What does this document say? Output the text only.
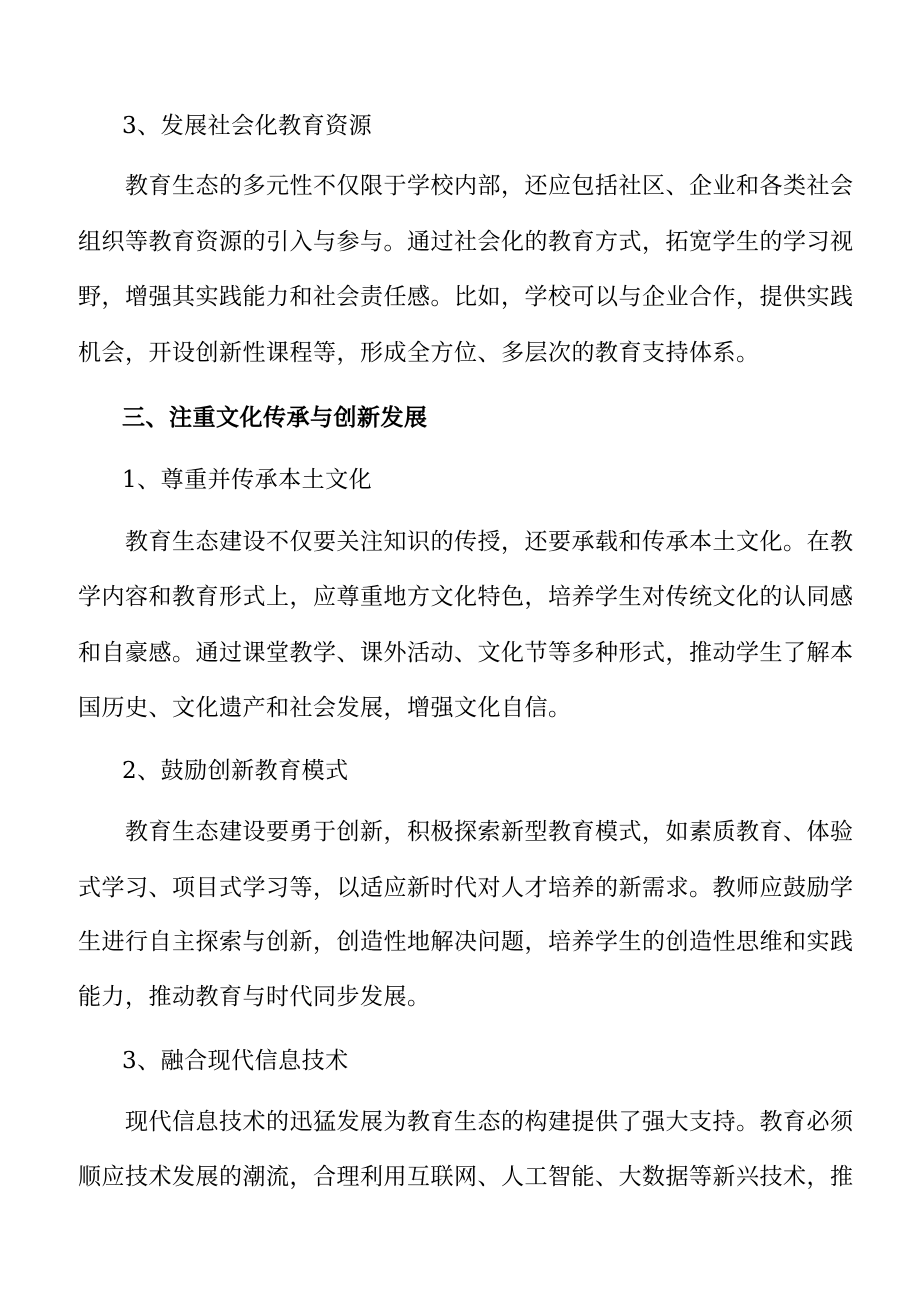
3、发展社会化教育资源
教育生态的多元性不仅限于学校内部，还应包括社区、企业和各类社会
组织等教育资源的引入与参与。通过社会化的教育方式，拓宽学生的学习视
野，增强其实践能力和社会责任感。比如，学校可以与企业合作，提供实践
机会，开设创新性课程等，形成全方位、多层次的教育支持体系。
三、注重文化传承与创新发展
1、尊重并传承本土文化
教育生态建设不仅要关注知识的传授，还要承载和传承本土文化。在教
学内容和教育形式上，应尊重地方文化特色，培养学生对传统文化的认同感
和自豪感。通过课堂教学、课外活动、文化节等多种形式，推动学生了解本
国历史、文化遗产和社会发展，增强文化自信。
2、鼓励创新教育模式
教育生态建设要勇于创新，积极探索新型教育模式，如素质教育、体验
式学习、项目式学习等，以适应新时代对人才培养的新需求。教师应鼓励学
生进行自主探索与创新，创造性地解决问题，培养学生的创造性思维和实践
能力，推动教育与时代同步发展。
3、融合现代信息技术
现代信息技术的迅猛发展为教育生态的构建提供了强大支持。教育必须
顺应技术发展的潮流，合理利用互联网、人工智能、大数据等新兴技术，推
